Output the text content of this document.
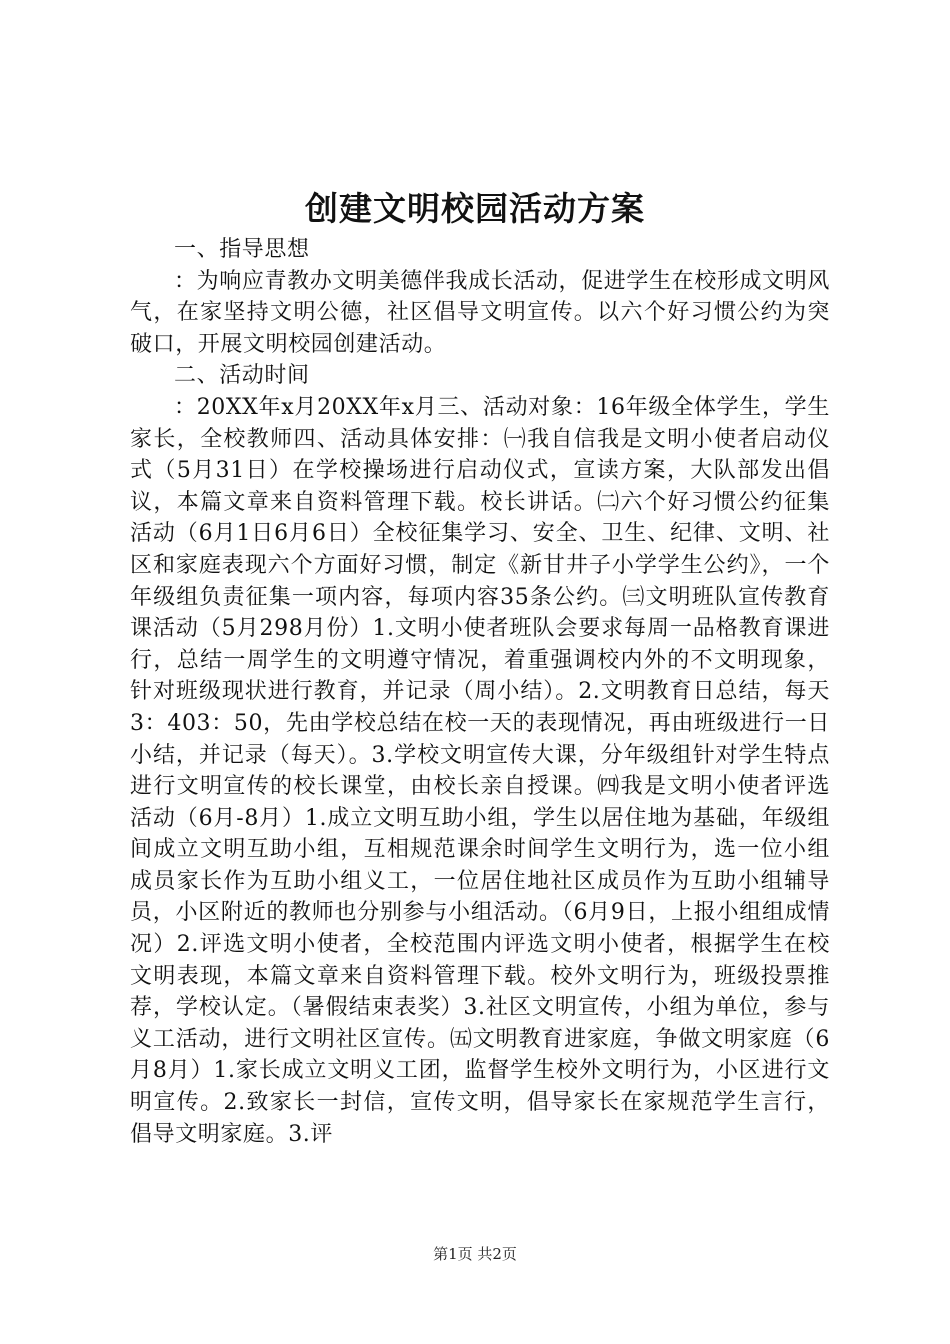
创建文明校园活动方案

一、指导思想

：为响应青教办文明美德伴我成长活动，促进学生在校形成文明风气，在家坚持文明公德，社区倡导文明宣传。以六个好习惯公约为突破口，开展文明校园创建活动。

二、活动时间

：20XX年x月20XX年x月三、活动对象：16年级全体学生，学生家长，全校教师四、活动具体安排：㈠我自信我是文明小使者启动仪式（5月31日）在学校操场进行启动仪式，宣读方案，大队部发出倡议，本篇文章来自资料管理下载。校长讲话。㈡六个好习惯公约征集活动（6月1日6月6日）全校征集学习、安全、卫生、纪律、文明、社区和家庭表现六个方面好习惯，制定《新甘井子小学学生公约》，一个年级组负责征集一项内容，每项内容35条公约。㈢文明班队宣传教育课活动（5月298月份）1.文明小使者班队会要求每周一品格教育课进行，总结一周学生的文明遵守情况，着重强调校内外的不文明现象，针对班级现状进行教育，并记录（周小结）。2.文明教育日总结，每天3：403：50，先由学校总结在校一天的表现情况，再由班级进行一日小结，并记录（每天）。3.学校文明宣传大课，分年级组针对学生特点进行文明宣传的校长课堂，由校长亲自授课。㈣我是文明小使者评选活动（6月-8月）1.成立文明互助小组，学生以居住地为基础，年级组间成立文明互助小组，互相规范课余时间学生文明行为，选一位小组成员家长作为互助小组义工，一位居住地社区成员作为互助小组辅导员，小区附近的教师也分别参与小组活动。（6月9日，上报小组组成情况）2.评选文明小使者，全校范围内评选文明小使者，根据学生在校文明表现，本篇文章来自资料管理下载。校外文明行为，班级投票推荐，学校认定。（暑假结束表奖）3.社区文明宣传，小组为单位，参与义工活动，进行文明社区宣传。㈤文明教育进家庭，争做文明家庭（6月8月）1.家长成立文明义工团，监督学生校外文明行为，小区进行文明宣传。2.致家长一封信，宣传文明，倡导家长在家规范学生言行，倡导文明家庭。3.评

第1页 共2页
